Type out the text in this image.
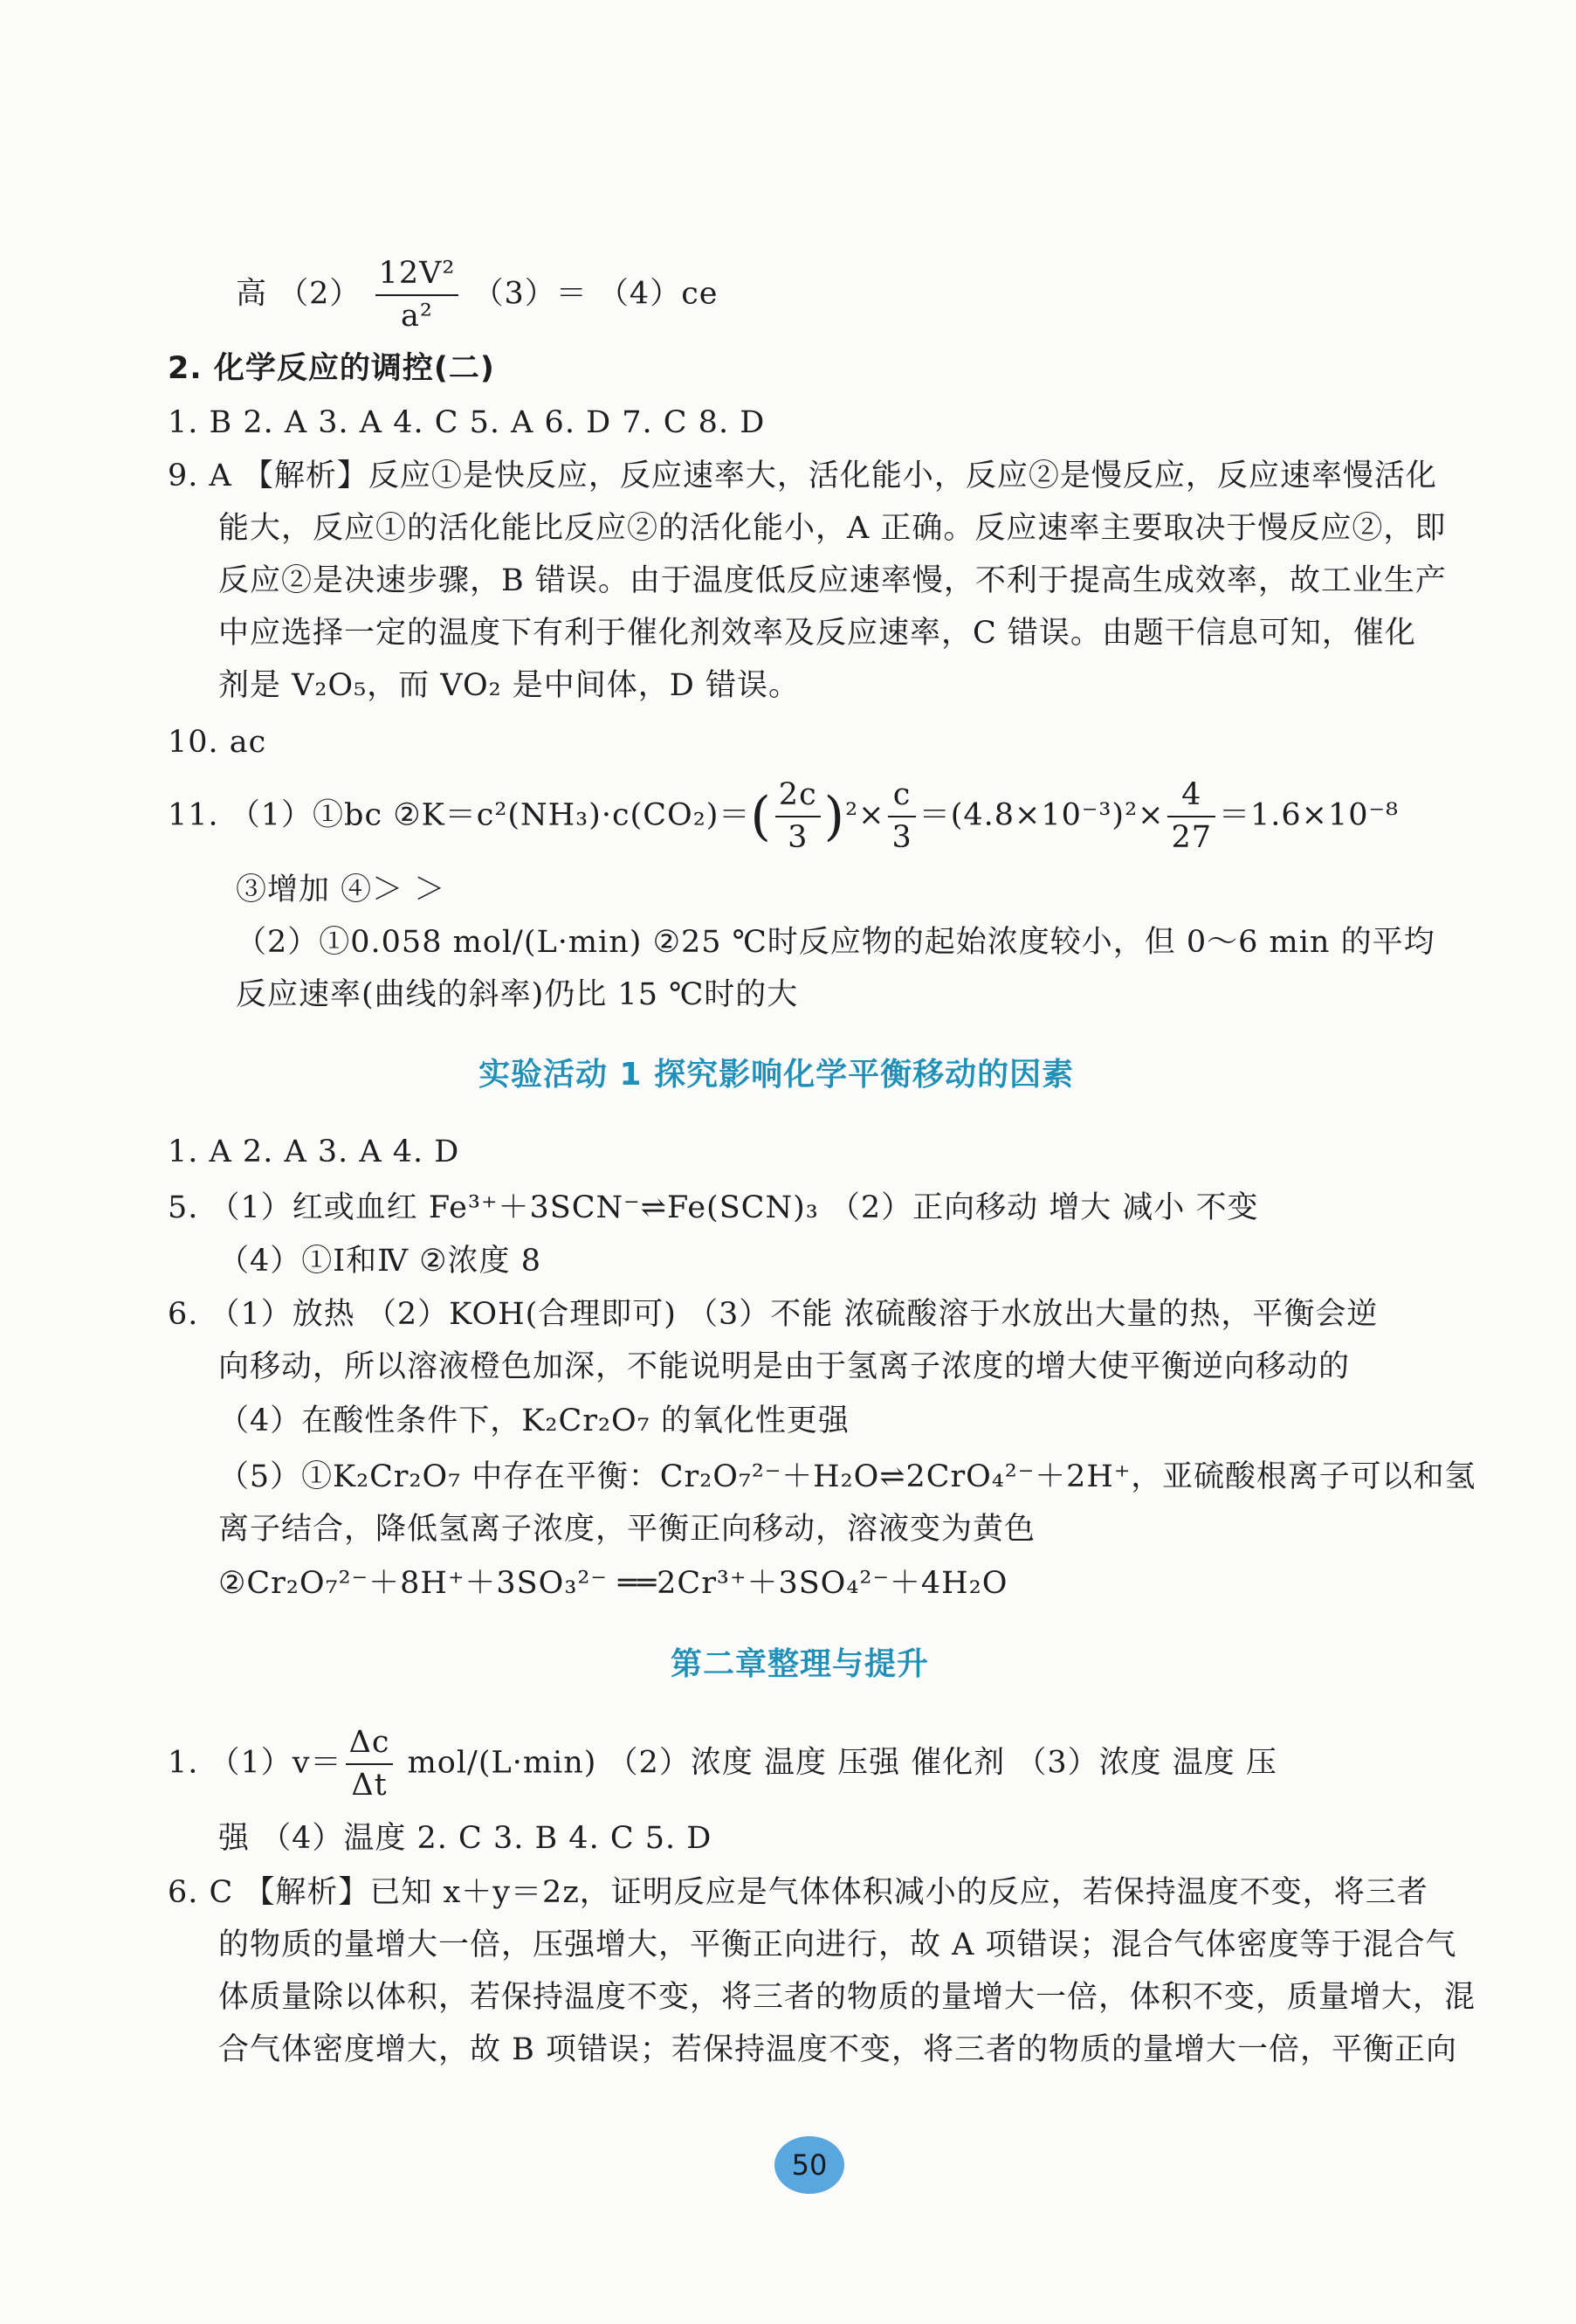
高 $(2) \frac{\text{12V²}}{\text{a²}} (3)= (4)ce$
2. 化学反应的调控(二)
1. B 2. A 3. A 4. C 5. A 6. D 7. C 8. D
9. A 【解析】反应①是快反应，反应速率大，活化能小，反应②是慢反应，反应速率慢活化
能大，反应①的活化能比反应②的活化能小，A 正确。反应速率主要取决于慢反应②，即
反应②是决速步骤，B 错误。由于温度低反应速率慢，不利于提高生成效率，故工业生产
中应选择一定的温度下有利于催化剂效率及反应速率，C 错误。由题干信息可知，催化
剂是 V₂O₅，而 VO₂ 是中间体，D 错误。
10. ac
11. （1）①bc ②K＝c²(NH₃)·c(CO₂)＝( $\frac{2c}{3} )^2\times \frac{c}{3} =(4.8\times 10^{-3})^2\times \frac{4}{27} =1.6\times 10^{-8}$
③增加 ④＞ ＞
（2）①0.058 mol/(L·min) ②25 ℃时反应物的起始浓度较小，但 0～6 min 的平均
反应速率(曲线的斜率)仍比 15 ℃时的大
实验活动 1 探究影响化学平衡移动的因素
1. A 2. A 3. A 4. D
5. （1）红或血红 Fe³⁺＋3SCN⁻⇌Fe(SCN)₃ （2）正向移动 增大 减小 不变
（4）①Ⅰ和Ⅳ ②浓度 8
6. （1）放热 （2）KOH(合理即可) （3）不能 浓硫酸溶于水放出大量的热，平衡会逆
向移动，所以溶液橙色加深，不能说明是由于氢离子浓度的增大使平衡逆向移动的
（4）在酸性条件下，K₂Cr₂O₇ 的氧化性更强
（5）①K₂Cr₂O₇ 中存在平衡：Cr₂O₇²⁻＋H₂O⇌2CrO₄²⁻＋2H⁺，亚硫酸根离子可以和氢
离子结合，降低氢离子浓度，平衡正向移动，溶液变为黄色
②Cr₂O₇²⁻＋8H⁺＋3SO₃²⁻ ══2Cr³⁺＋3SO₄²⁻＋4H₂O
第二章整理与提升
1. $(1)v= \frac{\Delta c}{\Delta t} mol/(L\cdot\min)$ （2）浓度 温度 压强 催化剂 （3）浓度 温度 压
强 （4）温度 2. C 3. B 4. C 5. D
6. C 【解析】已知 x＋y＝2z，证明反应是气体体积减小的反应，若保持温度不变，将三者
的物质的量增大一倍，压强增大，平衡正向进行，故 A 项错误；混合气体密度等于混合气
体质量除以体积，若保持温度不变，将三者的物质的量增大一倍，体积不变，质量增大，混
合气体密度增大，故 B 项错误；若保持温度不变，将三者的物质的量增大一倍，平衡正向
50
